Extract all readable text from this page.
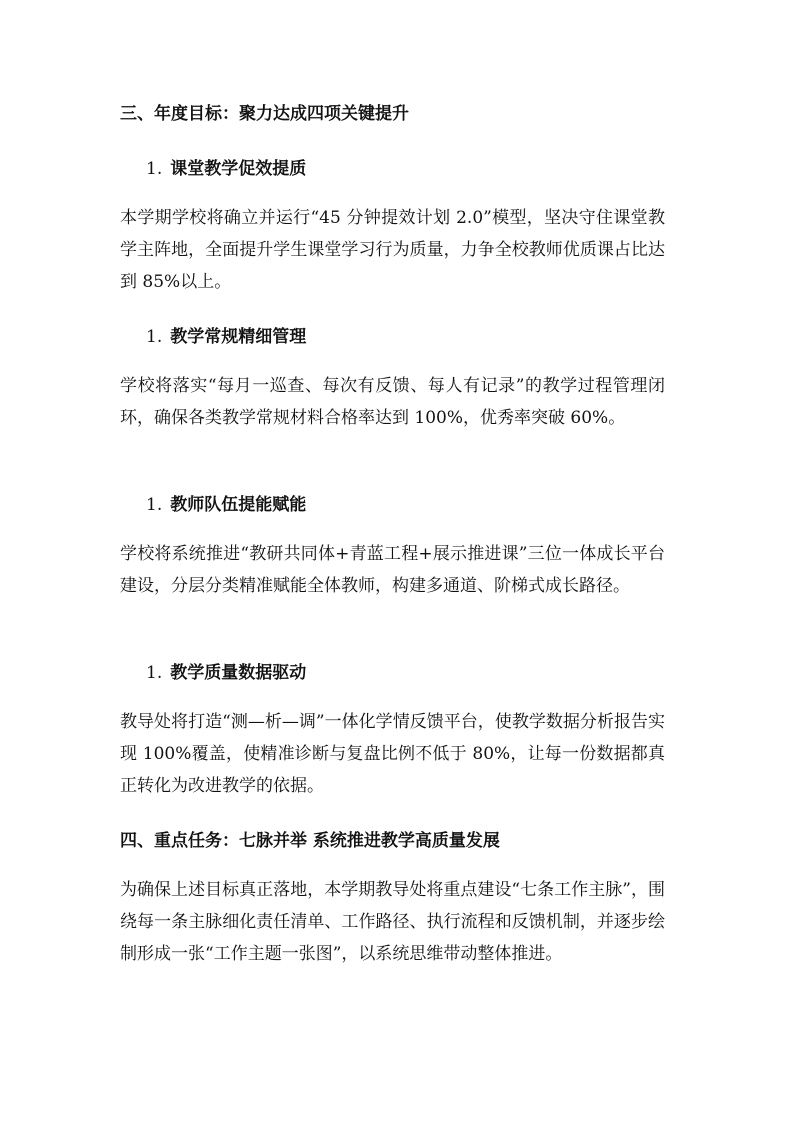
三、年度目标：聚力达成四项关键提升
1. 课堂教学促效提质

本学期学校将确立并运行“45 分钟提效计划 2.0”模型，坚决守住课堂教学主阵地，全面提升学生课堂学习行为质量，力争全校教师优质课占比达到 85%以上。

1. 教学常规精细管理

学校将落实“每月一巡查、每次有反馈、每人有记录”的教学过程管理闭环，确保各类教学常规材料合格率达到 100%，优秀率突破 60%。

1. 教师队伍提能赋能

学校将系统推进“教研共同体+青蓝工程+展示推进课”三位一体成长平台建设，分层分类精准赋能全体教师，构建多通道、阶梯式成长路径。

1. 教学质量数据驱动

教导处将打造“测—析—调”一体化学情反馈平台，使教学数据分析报告实现 100%覆盖，使精准诊断与复盘比例不低于 80%，让每一份数据都真正转化为改进教学的依据。

四、重点任务：七脉并举 系统推进教学高质量发展

为确保上述目标真正落地，本学期教导处将重点建设“七条工作主脉”，围绕每一条主脉细化责任清单、工作路径、执行流程和反馈机制，并逐步绘制形成一张“工作主题一张图”，以系统思维带动整体推进。
